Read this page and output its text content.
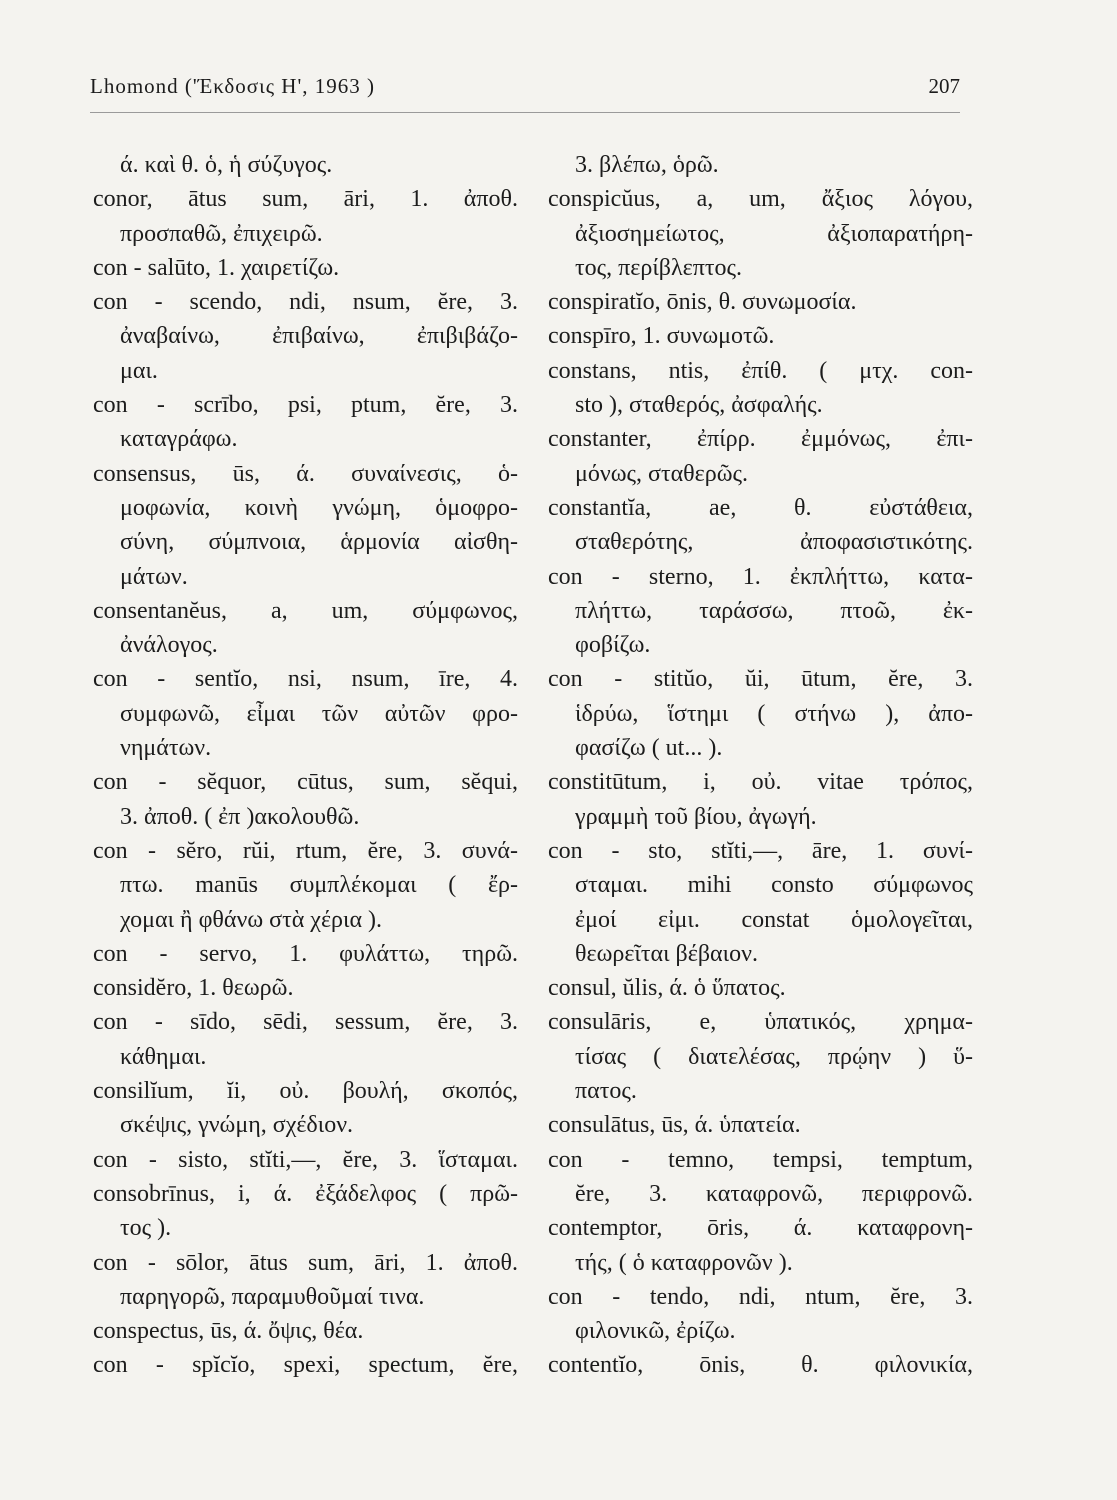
Lhomond ('Έκδοσις Η', 1963 )	207
ά. καὶ θ. ὁ, ἡ σύζυγος.
conor, ātus sum, āri, 1. ἀποθ.
προσπαθῶ, ἐπιχειρῶ.
con - salūto, 1. χαιρετίζω.
con - scendo, ndi, nsum, ĕre, 3.
ἀναβαίνω, ἐπιβαίνω, ἐπιβιβάζο-
μαι.
con - scrībo, psi, ptum, ĕre, 3.
καταγράφω.
consensus, ūs, ά. συναίνεσις, ὁ-
μοφωνία, κοινὴ γνώμη, ὁμοφρο-
σύνη, σύμπνοια, ἁρμονία αἰσθη-
μάτων.
consentanĕus, a, um, σύμφωνος,
ἀνάλογος.
con - sentĭo, nsi, nsum, īre, 4.
συμφωνῶ, εἶμαι τῶν αὐτῶν φρο-
νημάτων.
con - sĕquor, cūtus, sum, sĕqui,
3. ἀποθ. ( ἐπ )ακολουθῶ.
con - sĕro, rŭi, rtum, ĕre, 3. συνά-
πτω. manūs συμπλέκομαι ( ἔρ-
χομαι ἢ φθάνω στὰ χέρια ).
con - servo, 1. φυλάττω, τηρῶ.
considĕro, 1. θεωρῶ.
con - sīdo, sēdi, sessum, ĕre, 3.
κάθημαι.
consilĭum, ĭi, οὐ. βουλή, σκοπός,
σκέψις, γνώμη, σχέδιον.
con - sisto, stĭti,—, ĕre, 3. ἵσταμαι.
consobrīnus, i, ά. ἐξάδελφος ( πρῶ-
τος ).
con - sōlor, ātus sum, āri, 1. ἀποθ.
παρηγορῶ, παραμυθοῦμαί τινα.
conspectus, ūs, ά. ὄψις, θέα.
con - spĭcĭo, spexi, spectum, ĕre,
3. βλέπω, ὁρῶ.
conspicŭus, a, um, ἄξιος λόγου,
ἀξιοσημείωτος, ἀξιοπαρατήρη-
τος, περίβλεπτος.
conspiratĭo, ōnis, θ. συνωμοσία.
conspīro, 1. συνωμοτῶ.
constans, ntis, ἐπίθ. ( μτχ. con-
sto ), σταθερός, ἀσφαλής.
constanter, ἐπίρρ. ἐμμόνως, ἐπι-
μόνως, σταθερῶς.
constantĭa, ae, θ. εὐστάθεια,
σταθερότης, ἀποφασιστικότης.
con - sterno, 1. ἐκπλήττω, κατα-
πλήττω, ταράσσω, πτοῶ, ἐκ-
φοβίζω.
con - stitŭo, ŭi, ūtum, ĕre, 3.
ἱδρύω, ἵστημι ( στήνω ), ἀπο-
φασίζω ( ut... ).
constitūtum, i, οὐ. vitae τρόπος,
γραμμὴ τοῦ βίου, ἀγωγή.
con - sto, stĭti,—, āre, 1. συνί-
σταμαι. mihi consto σύμφωνος
ἐμοί εἰμι. constat ὁμολογεῖται,
θεωρεῖται βέβαιον.
consul, ŭlis, ά. ὁ ὕπατος.
consulāris, e, ὑπατικός, χρημα-
τίσας ( διατελέσας, πρῴην ) ὕ-
πατος.
consulātus, ūs, ά. ὑπατεία.
con - temno, tempsi, temptum,
ĕre, 3. καταφρονῶ, περιφρονῶ.
contemptor, ōris, ά. καταφρονη-
τής, ( ὁ καταφρονῶν ).
con - tendo, ndi, ntum, ĕre, 3.
φιλονικῶ, ἐρίζω.
contentĭo, ōnis, θ. φιλονικία,
